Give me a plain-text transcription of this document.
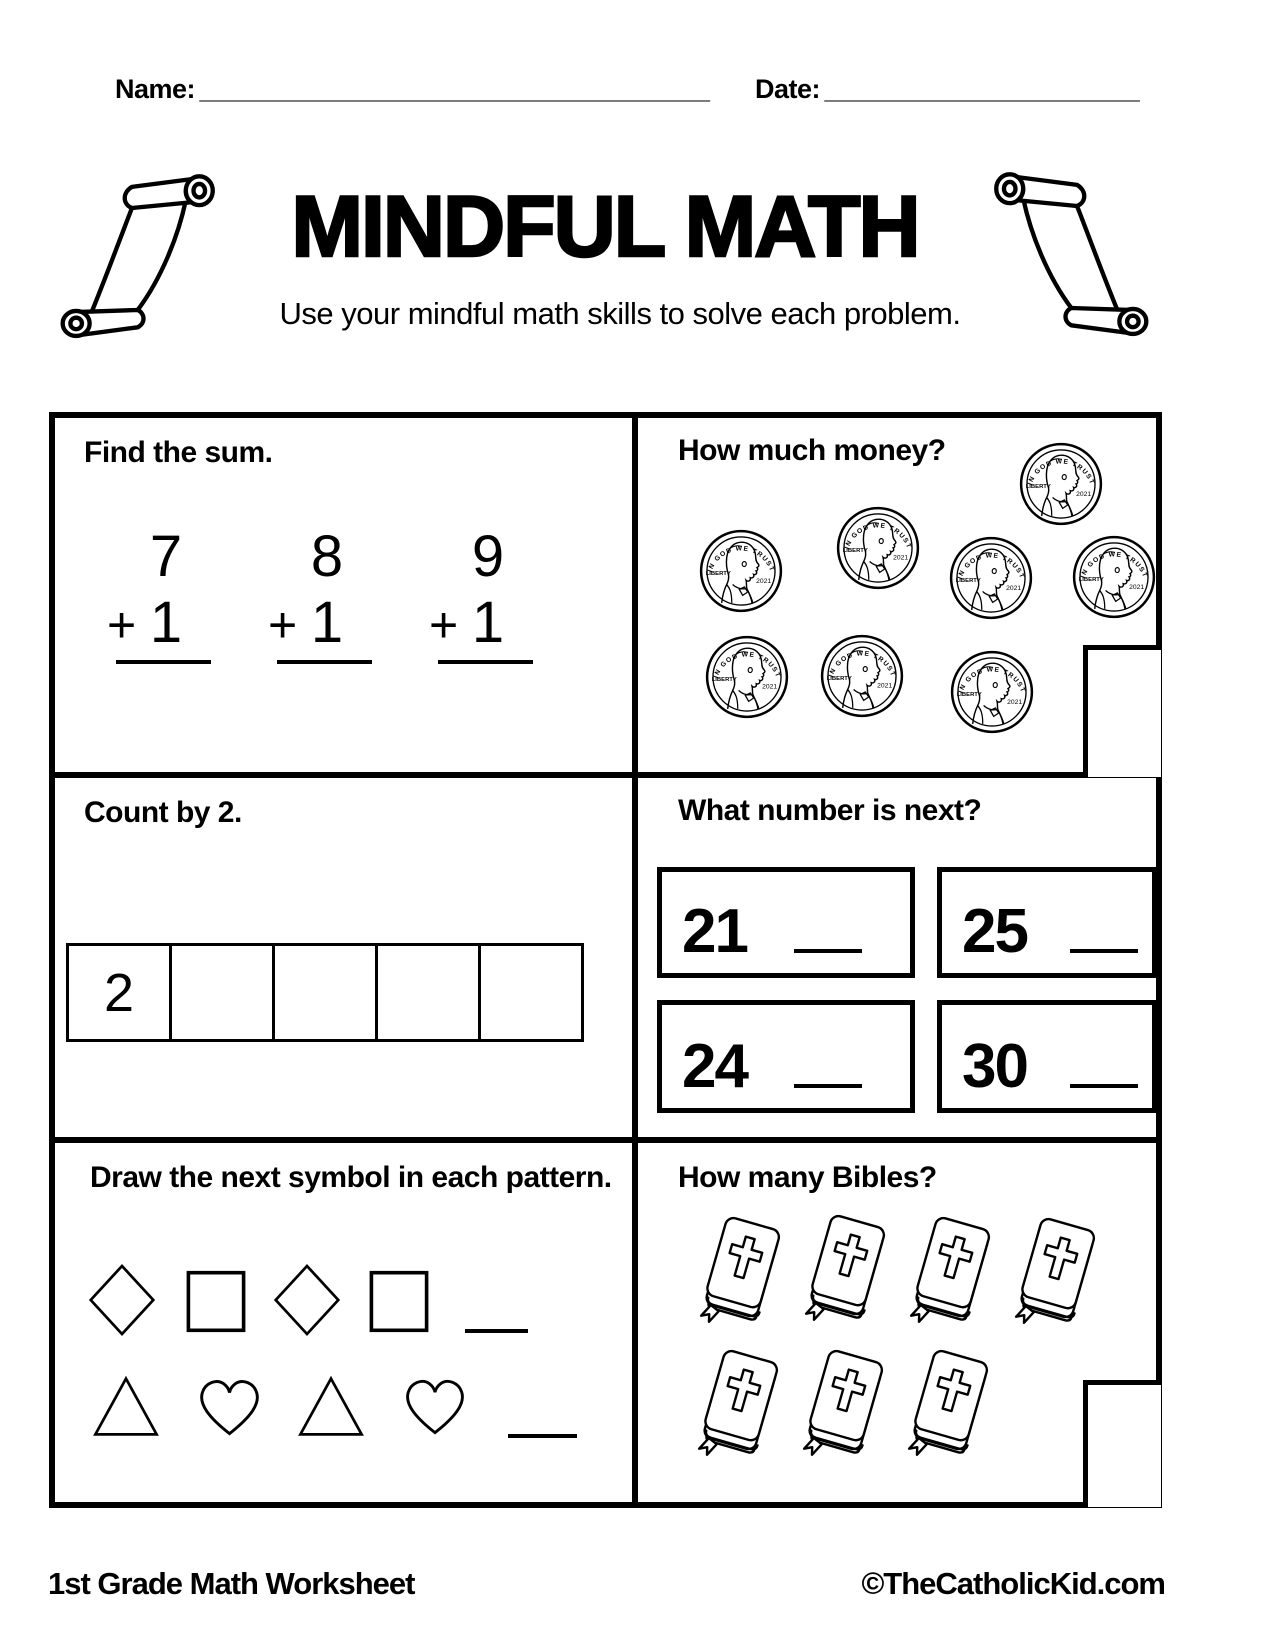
Name: __________________________________ Date: _____________________
MINDFUL MATH
Use your mindful math skills to solve each problem.
Find the sum.
7
+ 1
8
+ 1
9
+ 1
How much money?
Count by 2.
2
What number is next?
21	25
24	30
Draw the next symbol in each pattern. How many Bibles?
1st Grade Math Worksheet	©TheCatholicKid.com
